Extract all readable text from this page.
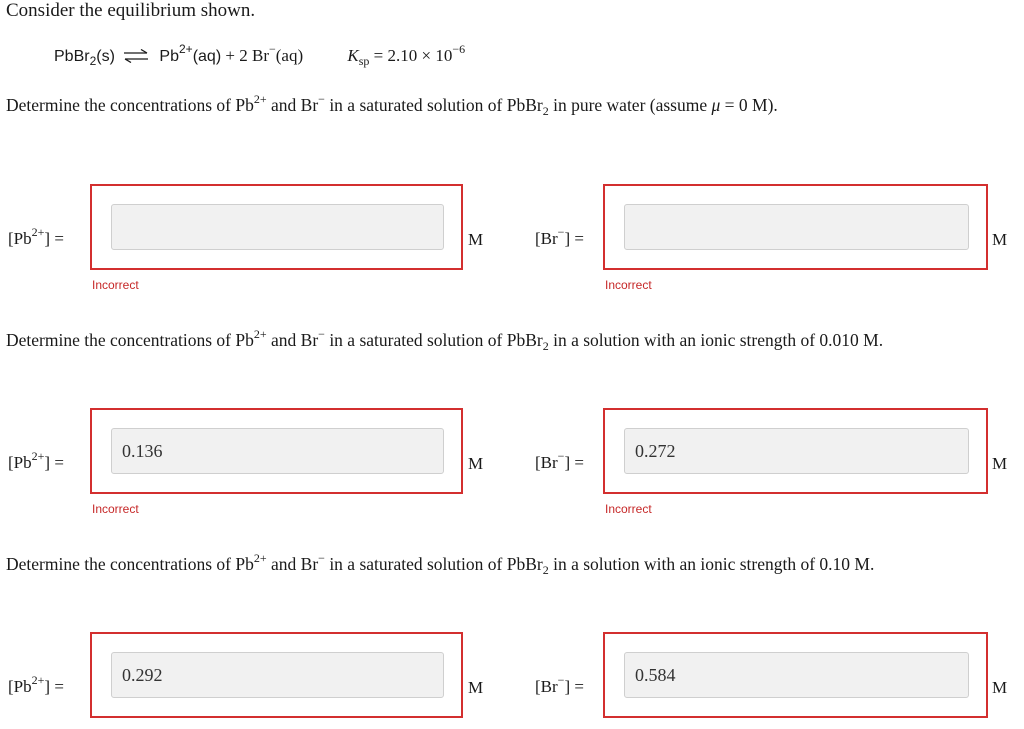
Consider the equilibrium shown.
PbBr$_2$(s) ⇌ $Pb^{2+}(aq) + 2$ Br−(aq)	$K_{sp} = 2.10 \times 10^{-6}$
Determine the concentrations of $Pb^{2+}$ and Br− in a saturated solution of PbBr$_2$ in pure water (assume μ = 0 M).
$[Pb^{2+}]$ =	M
Incorrect
[Br−] =	M
Incorrect
Determine the concentrations of $Pb^{2+}$ and Br− in a saturated solution of PbBr$_2$ in a solution with an ionic strength of 0.010 M.
$[Pb^{2+}]$ =
0.136	M
Incorrect
[Br−] =
0.272	M
Incorrect
Determine the concentrations of $Pb^{2+}$ and Br− in a saturated solution of PbBr$_2$ in a solution with an ionic strength of 0.10 M.
$[Pb^{2+}]$ =
0.292	M	[Br−] =
0.584	M
